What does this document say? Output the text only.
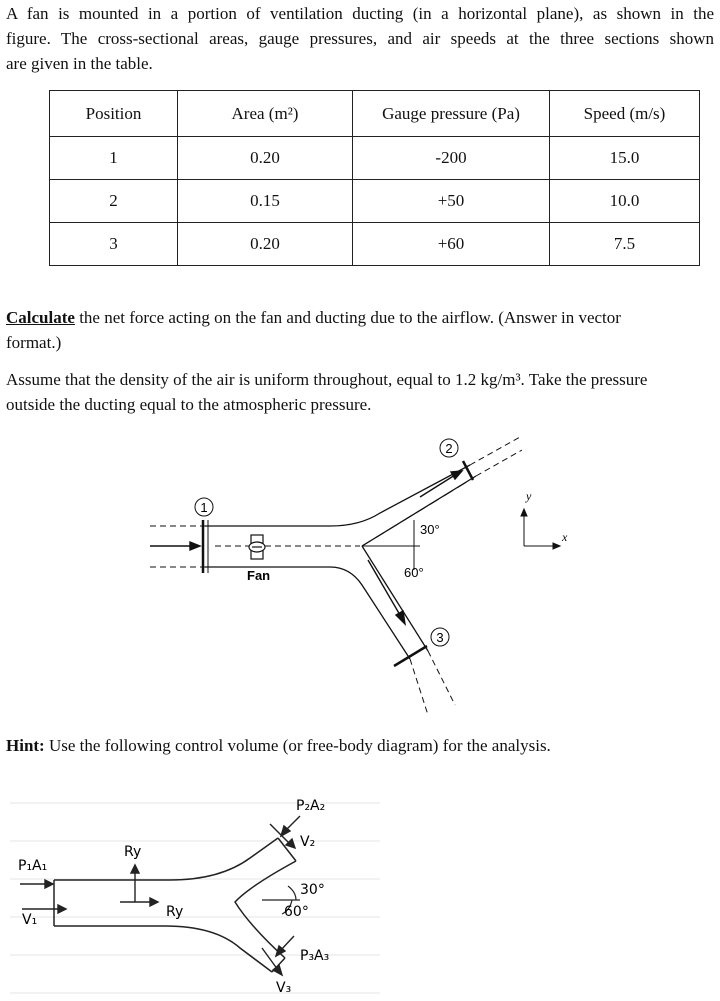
A fan is mounted in a portion of ventilation ducting (in a horizontal plane), as shown in the
figure. The cross-sectional areas, gauge pressures, and air speeds at the three sections shown
are given in the table.
Position	Area (m²)	Gauge pressure (Pa)	Speed (m/s)
1	0.20	-200	15.0
2	0.15	+50	10.0
3	0.20	+60	7.5
Calculate the net force acting on the fan and ducting due to the airflow. (Answer in vector
format.)
Assume that the density of the air is uniform throughout, equal to 1.2 kg/m³. Take the pressure
outside the ducting equal to the atmospheric pressure.
1
2
3
30°
60°
Fan
y
x
Hint: Use the following control volume (or free-body diagram) for the analysis.
P₁A₁
V₁
Ry
Ry
P₂A₂
V₂
30°
60°
P₃A₃
V₃
